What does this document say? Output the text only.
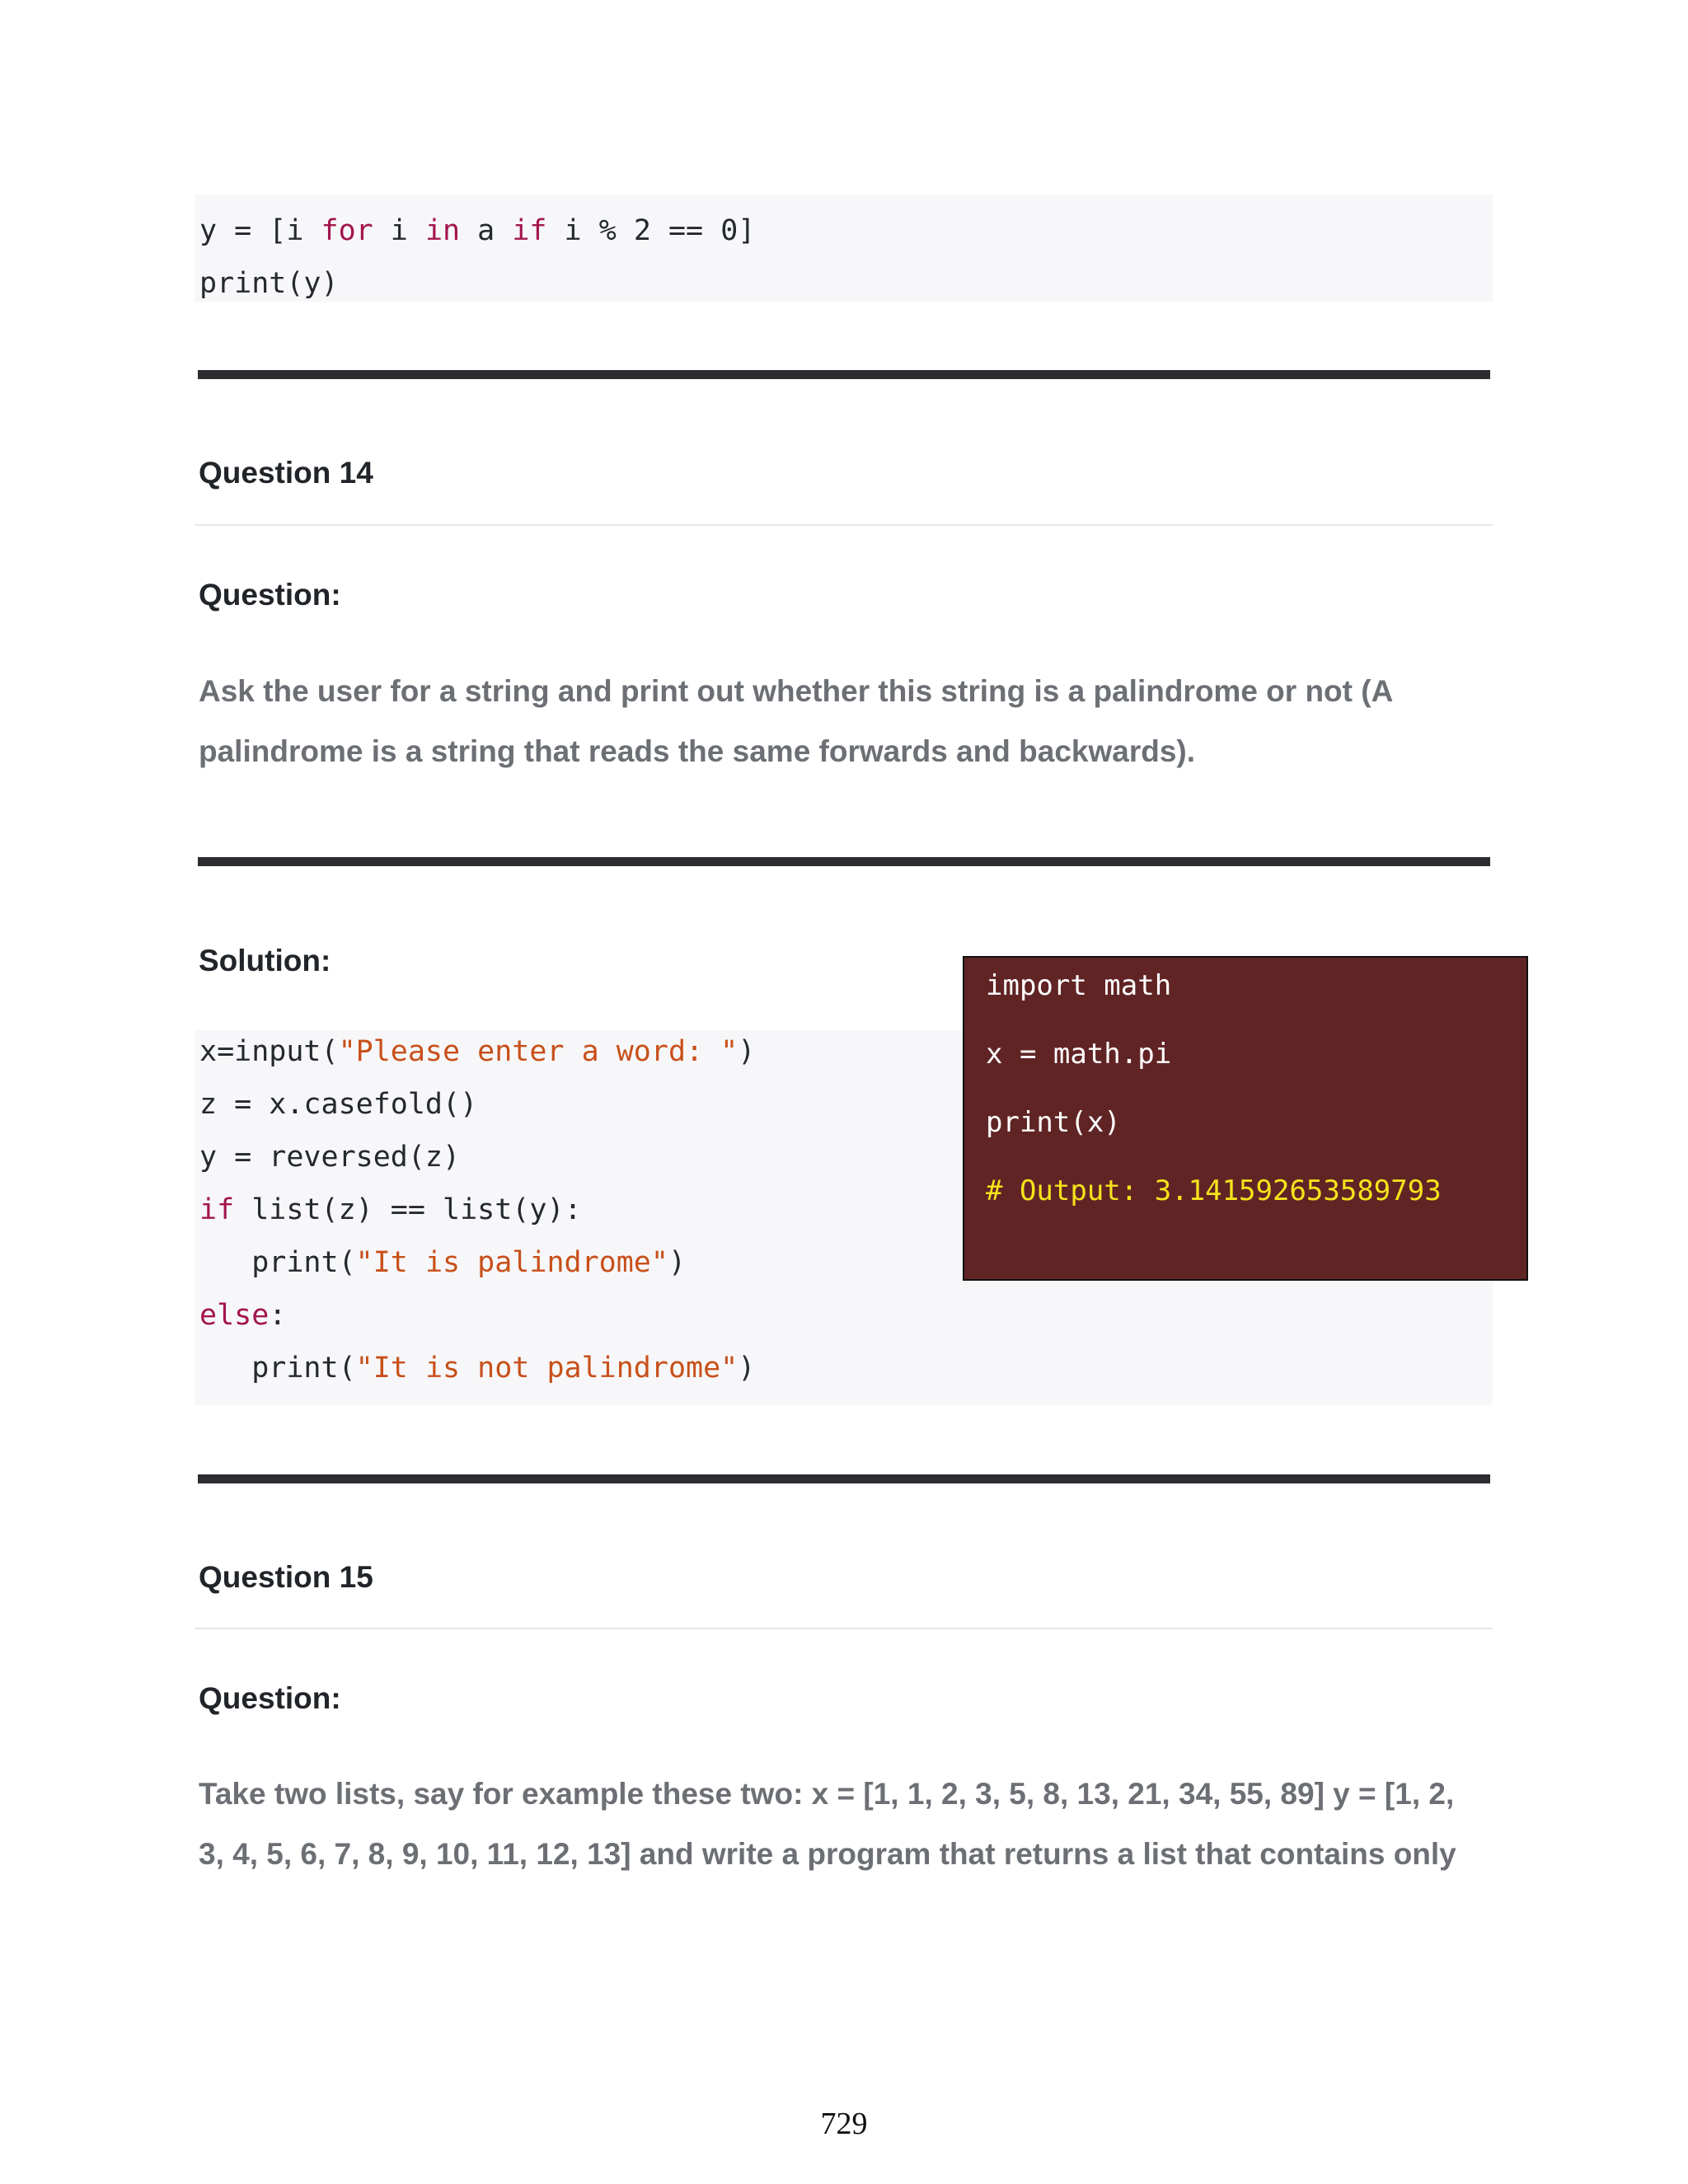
y = [i for i in a if i % 2 == 0]
print(y)
Question 14
Question:
Ask the user for a string and print out whether this string is a palindrome or not (A
palindrome is a string that reads the same forwards and backwards).
Solution:
x=input("Please enter a word: ")
z = x.casefold()
y = reversed(z)
if list(z) == list(y):
print("It is palindrome")
else:
print("It is not palindrome")
import math
x = math.pi
print(x)
# Output: 3.141592653589793
Question 15
Question:
Take two lists, say for example these two: x = [1, 1, 2, 3, 5, 8, 13, 21, 34, 55, 89] y = [1, 2,
3, 4, 5, 6, 7, 8, 9, 10, 11, 12, 13] and write a program that returns a list that contains only
729
